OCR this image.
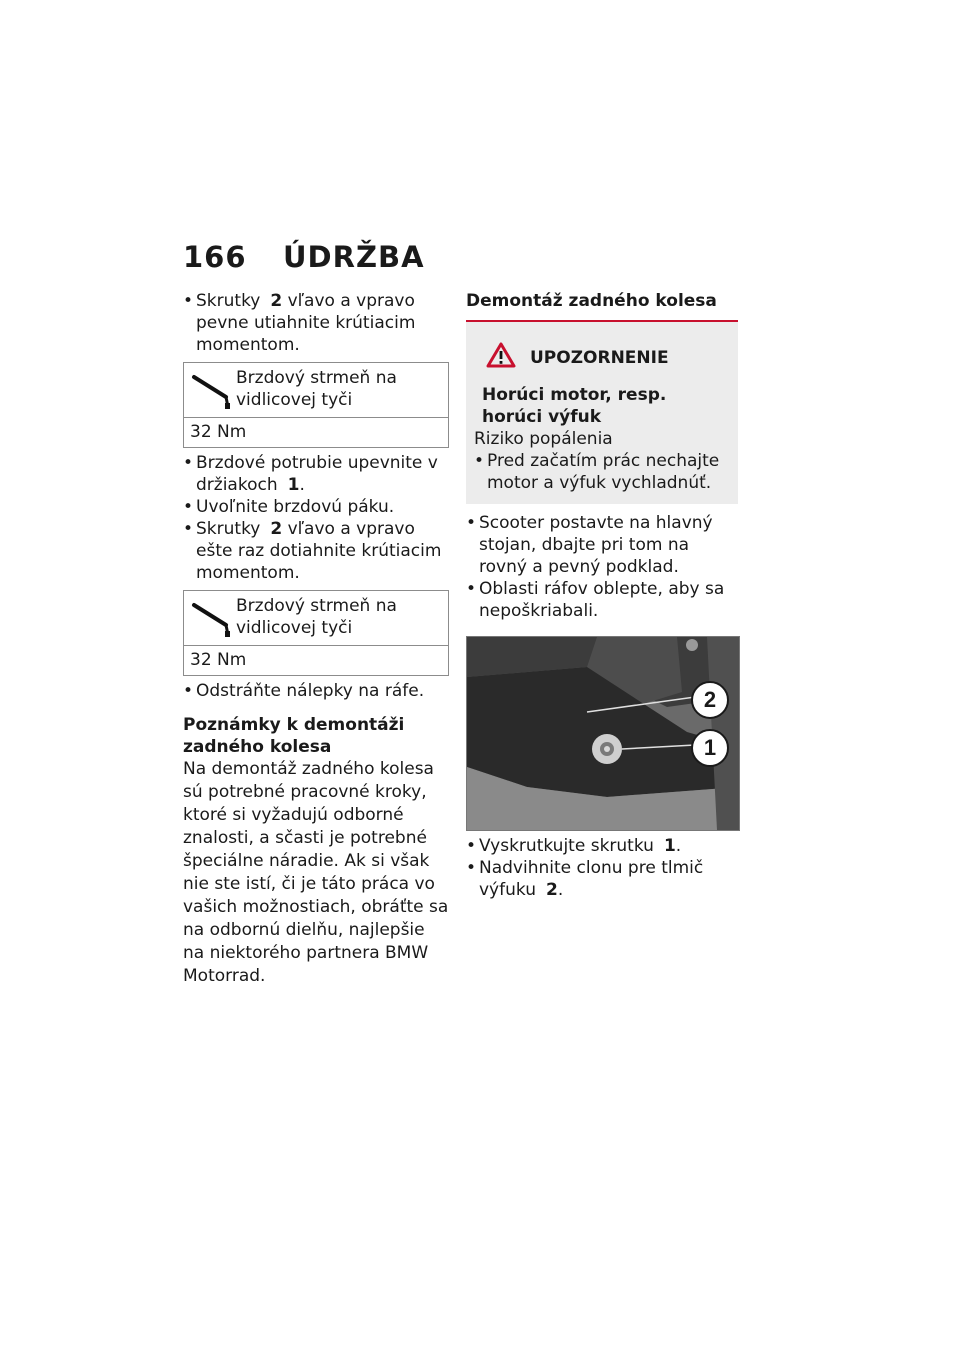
166 ÚDRŽBA
• Skrutky 2 vľavo a vpravo pevne utiahnite krútiacim momentom.
Brzdový strmeň na vidlicovej tyči
32 Nm
• Brzdové potrubie upevnite v držiakoch 1.
• Uvoľnite brzdovú páku.
• Skrutky 2 vľavo a vpravo ešte raz dotiahnite krútiacim momentom.
Brzdový strmeň na vidlicovej tyči
32 Nm
• Odstráňte nálepky na ráfe.
Poznámky k demontáži zadného kolesa
Na demontáž zadného kolesa sú potrebné pracovné kroky, ktoré si vyžadujú odborné znalosti, a sčasti je potrebné špeciálne náradie. Ak si však nie ste istí, či je táto práca vo vašich možnostiach, obráťte sa na odbornú dielňu, najlepšie na niektorého partnera BMW Motorrad.
Demontáž zadného kolesa
UPOZORNENIE
Horúci motor, resp. horúci výfuk
Riziko popálenia
• Pred začatím prác nechajte motor a výfuk vychladnúť.
• Scooter postavte na hlavný stojan, dbajte pri tom na rovný a pevný podklad.
• Oblasti ráfov oblepte, aby sa nepoškriabali.
2
1
• Vyskrutkujte skrutku 1.
• Nadvihnite clonu pre tlmič výfuku 2.
